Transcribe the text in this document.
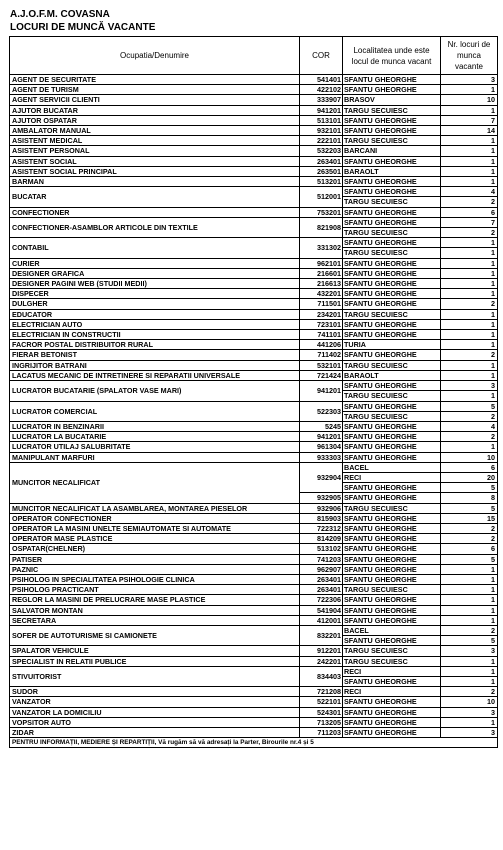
A.J.O.F.M. COVASNA
LOCURI DE MUNCĂ VACANTE
Ocupatia/Denumire	COR	Localitatea unde este locul de munca vacant	Nr. locuri de munca vacante
AGENT DE SECURITATE	541401	SFANTU GHEORGHE	3
AGENT DE TURISM	422102	SFANTU GHEORGHE	1
AGENT SERVICII CLIENTI	333907	BRASOV	10
AJUTOR BUCATAR	941201	TARGU SECUIESC	1
AJUTOR OSPATAR	513101	SFANTU GHEORGHE	7
AMBALATOR MANUAL	932101	SFANTU GHEORGHE	14
ASISTENT MEDICAL	222101	TARGU SECUIESC	1
ASISTENT PERSONAL	532203	BARCANI	1
ASISTENT SOCIAL	263401	SFANTU GHEORGHE	1
ASISTENT SOCIAL PRINCIPAL	263501	BARAOLT	1
BARMAN	513201	SFANTU GHEORGHE	1
BUCATAR	512001	SFANTU GHEORGHE	4
		TARGU SECUIESC	2
CONFECTIONER	753201	SFANTU GHEORGHE	6
CONFECTIONER-ASAMBLOR ARTICOLE DIN TEXTILE	821908	SFANTU GHEORGHE	7
		TARGU SECUIESC	2
CONTABIL	331302	SFANTU GHEORGHE	1
		TARGU SECUIESC	1
CURIER	962101	SFANTU GHEORGHE	1
DESIGNER GRAFICA	216601	SFANTU GHEORGHE	1
DESIGNER PAGINI WEB (STUDII MEDII)	216613	SFANTU GHEORGHE	1
DISPECER	432201	SFANTU GHEORGHE	1
DULGHER	711501	SFANTU GHEORGHE	2
EDUCATOR	234201	TARGU SECUIESC	1
ELECTRICIAN AUTO	723101	SFANTU GHEORGHE	1
ELECTRICIAN IN CONSTRUCTII	741101	SFANTU GHEORGHE	1
FACROR POSTAL DISTRIBUITOR RURAL	441206	TURIA	1
FIERAR BETONIST	711402	SFANTU GHEORGHE	2
INGRIJITOR BATRANI	532101	TARGU SECUIESC	1
LACATUS MECANIC DE INTRETINERE SI REPARATII UNIVERSALE	721424	BARAOLT	1
LUCRATOR BUCATARIE (SPALATOR VASE MARI)	941201	SFANTU GHEORGHE	3
		TARGU SECUIESC	1
LUCRATOR COMERCIAL	522303	SFANTU GHEORGHE	5
		TARGU SECUIESC	2
LUCRATOR IN BENZINARII	5245	SFANTU GHEORGHE	4
LUCRATOR LA BUCATARIE	941201	SFANTU GHEORGHE	2
LUCRATOR UTILAJ SALUBRITATE	961304	SFANTU GHEORGHE	1
MANIPULANT MARFURI	933303	SFANTU GHEORGHE	10
MUNCITOR NECALIFICAT	932904	BACEL	6
		RECI	20
		SFANTU GHEORGHE	5
	932905	SFANTU GHEORGHE	8
MUNCITOR NECALIFICAT LA ASAMBLAREA, MONTAREA PIESELOR	932906	TARGU SECUIESC	5
OPERATOR CONFECTIONER	815903	SFANTU GHEORGHE	15
OPERATOR LA MASINI UNELTE SEMIAUTOMATE SI AUTOMATE	722312	SFANTU GHEORGHE	2
OPERATOR MASE PLASTICE	814209	SFANTU GHEORGHE	2
OSPATAR(CHELNER)	513102	SFANTU GHEORGHE	6
PATISER	741203	SFANTU GHEORGHE	5
PAZNIC	962907	SFANTU GHEORGHE	1
PSIHOLOG IN SPECIALITATEA PSIHOLOGIE CLINICA	263401	SFANTU GHEORGHE	1
PSIHOLOG PRACTICANT	263401	TARGU SECUIESC	1
REGLOR LA MASINI DE PRELUCRARE MASE PLASTICE	722306	SFANTU GHEORGHE	1
SALVATOR MONTAN	541904	SFANTU GHEORGHE	1
SECRETARA	412001	SFANTU GHEORGHE	1
SOFER DE AUTOTURISME SI CAMIONETE	832201	BACEL	2
		SFANTU GHEORGHE	5
SPALATOR VEHICULE	912201	TARGU SECUIESC	3
SPECIALIST IN RELATII PUBLICE	242201	TARGU SECUIESC	1
STIVUITORIST	834403	RECI	1
		SFANTU GHEORGHE	1
SUDOR	721208	RECI	2
VANZATOR	522101	SFANTU GHEORGHE	10
VANZATOR LA DOMICILIU	524301	SFANTU GHEORGHE	3
VOPSITOR AUTO	713205	SFANTU GHEORGHE	1
ZIDAR	711203	SFANTU GHEORGHE	3
PENTRU INFORMAȚII, MEDIERE ȘI REPARTIȚII, Vă rugăm să vă adresați la Parter, Birourile nr.4 și 5			
